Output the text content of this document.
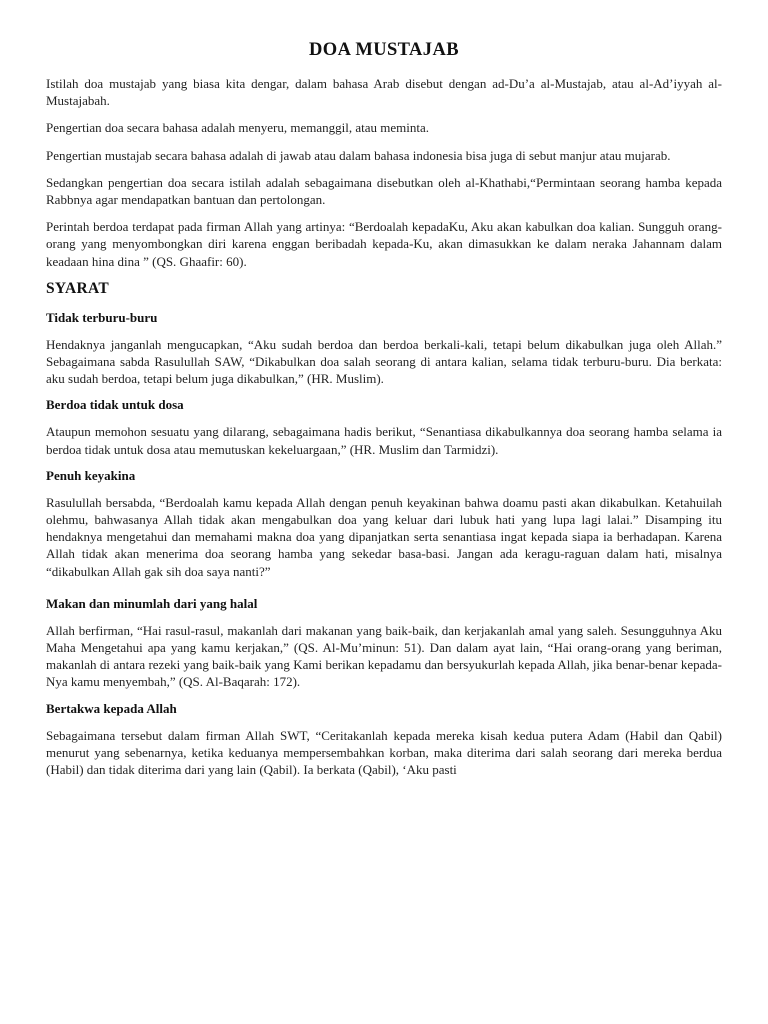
DOA MUSTAJAB

Istilah doa mustajab yang biasa kita dengar, dalam bahasa Arab disebut dengan ad-Du’a al-Mustajab, atau al-Ad’iyyah al-Mustajabah.

Pengertian doa secara bahasa adalah menyeru, memanggil, atau meminta.

Pengertian mustajab secara bahasa adalah di jawab atau dalam bahasa indonesia bisa juga di sebut manjur atau mujarab.

Sedangkan pengertian doa secara istilah adalah sebagaimana disebutkan oleh al-Khathabi,“Permintaan seorang hamba kepada Rabbnya agar mendapatkan bantuan dan pertolongan.

Perintah berdoa terdapat pada firman Allah yang artinya: “Berdoalah kepadaKu, Aku akan kabulkan doa kalian. Sungguh orang-orang yang menyombongkan diri karena enggan beribadah kepada-Ku, akan dimasukkan ke dalam neraka Jahannam dalam keadaan hina dina ” (QS. Ghaafir: 60).

SYARAT
Tidak terburu-buru

Hendaknya janganlah mengucapkan, “Aku sudah berdoa dan berdoa berkali-kali, tetapi belum dikabulkan juga oleh Allah.” Sebagaimana sabda Rasulullah SAW, “Dikabulkan doa salah seorang di antara kalian, selama tidak terburu-buru. Dia berkata: aku sudah berdoa, tetapi belum juga dikabulkan,” (HR. Muslim).

Berdoa tidak untuk dosa

Ataupun memohon sesuatu yang dilarang, sebagaimana hadis berikut, “Senantiasa dikabulkannya doa seorang hamba selama ia berdoa tidak untuk dosa atau memutuskan kekeluargaan,” (HR. Muslim dan Tarmidzi).

Penuh keyakina

Rasulullah bersabda, “Berdoalah kamu kepada Allah dengan penuh keyakinan bahwa doamu pasti akan dikabulkan. Ketahuilah olehmu, bahwasanya Allah tidak akan mengabulkan doa yang keluar dari lubuk hati yang lupa lagi lalai.” Disamping itu hendaknya mengetahui dan memahami makna doa yang dipanjatkan serta senantiasa ingat kepada siapa ia berhadapan. Karena Allah tidak akan menerima doa seorang hamba yang sekedar basa-basi. Jangan ada keragu-raguan dalam hati, misalnya “dikabulkan Allah gak sih doa saya nanti?”

Makan dan minumlah dari yang halal

Allah berfirman, “Hai rasul-rasul, makanlah dari makanan yang baik-baik, dan kerjakanlah amal yang saleh. Sesungguhnya Aku Maha Mengetahui apa yang kamu kerjakan,” (QS. Al-Mu’minun: 51). Dan dalam ayat lain, “Hai orang-orang yang beriman, makanlah di antara rezeki yang baik-baik yang Kami berikan kepadamu dan bersyukurlah kepada Allah, jika benar-benar kepada-Nya kamu menyembah,” (QS. Al-Baqarah: 172).

Bertakwa kepada Allah

Sebagaimana tersebut dalam firman Allah SWT, “Ceritakanlah kepada mereka kisah kedua putera Adam (Habil dan Qabil) menurut yang sebenarnya, ketika keduanya mempersembahkan korban, maka diterima dari salah seorang dari mereka berdua (Habil) dan tidak diterima dari yang lain (Qabil). Ia berkata (Qabil), ‘Aku pasti
